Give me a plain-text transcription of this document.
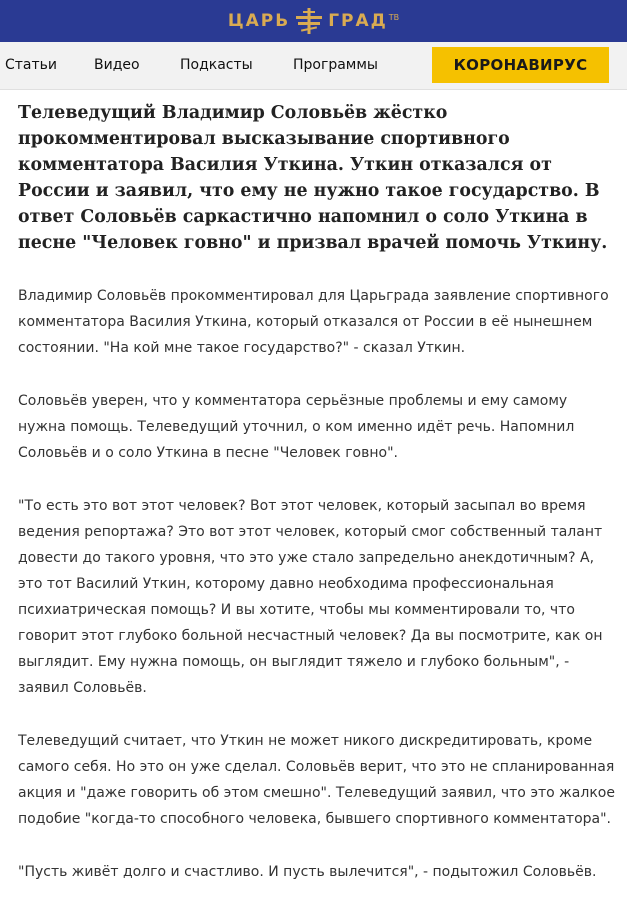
ЦАРЬ ГРАД ТВ
Статьи	Видео	Подкасты	Программы	КОРОНАВИРУС

Телеведущий Владимир Соловьёв жёстко прокомментировал высказывание спортивного комментатора Василия Уткина. Уткин отказался от России и заявил, что ему не нужно такое государство. В ответ Соловьёв саркастично напомнил о соло Уткина в песне "Человек говно" и призвал врачей помочь Уткину.

Владимир Соловьёв прокомментировал для Царьграда заявление спортивного комментатора Василия Уткина, который отказался от России в её нынешнем состоянии. "На кой мне такое государство?" - сказал Уткин.

Соловьёв уверен, что у комментатора серьёзные проблемы и ему самому нужна помощь. Телеведущий уточнил, о ком именно идёт речь. Напомнил Соловьёв и о соло Уткина в песне "Человек говно".

"То есть это вот этот человек? Вот этот человек, который засыпал во время ведения репортажа? Это вот этот человек, который смог собственный талант довести до такого уровня, что это уже стало запредельно анекдотичным? А, это тот Василий Уткин, которому давно необходима профессиональная психиатрическая помощь? И вы хотите, чтобы мы комментировали то, что говорит этот глубоко больной несчастный человек? Да вы посмотрите, как он выглядит. Ему нужна помощь, он выглядит тяжело и глубоко больным", - заявил Соловьёв.

Телеведущий считает, что Уткин не может никого дискредитировать, кроме самого себя. Но это он уже сделал. Соловьёв верит, что это не спланированная акция и "даже говорить об этом смешно". Телеведущий заявил, что это жалкое подобие "когда-то способного человека, бывшего спортивного комментатора".

"Пусть живёт долго и счастливо. И пусть вылечится", - подытожил Соловьёв.
